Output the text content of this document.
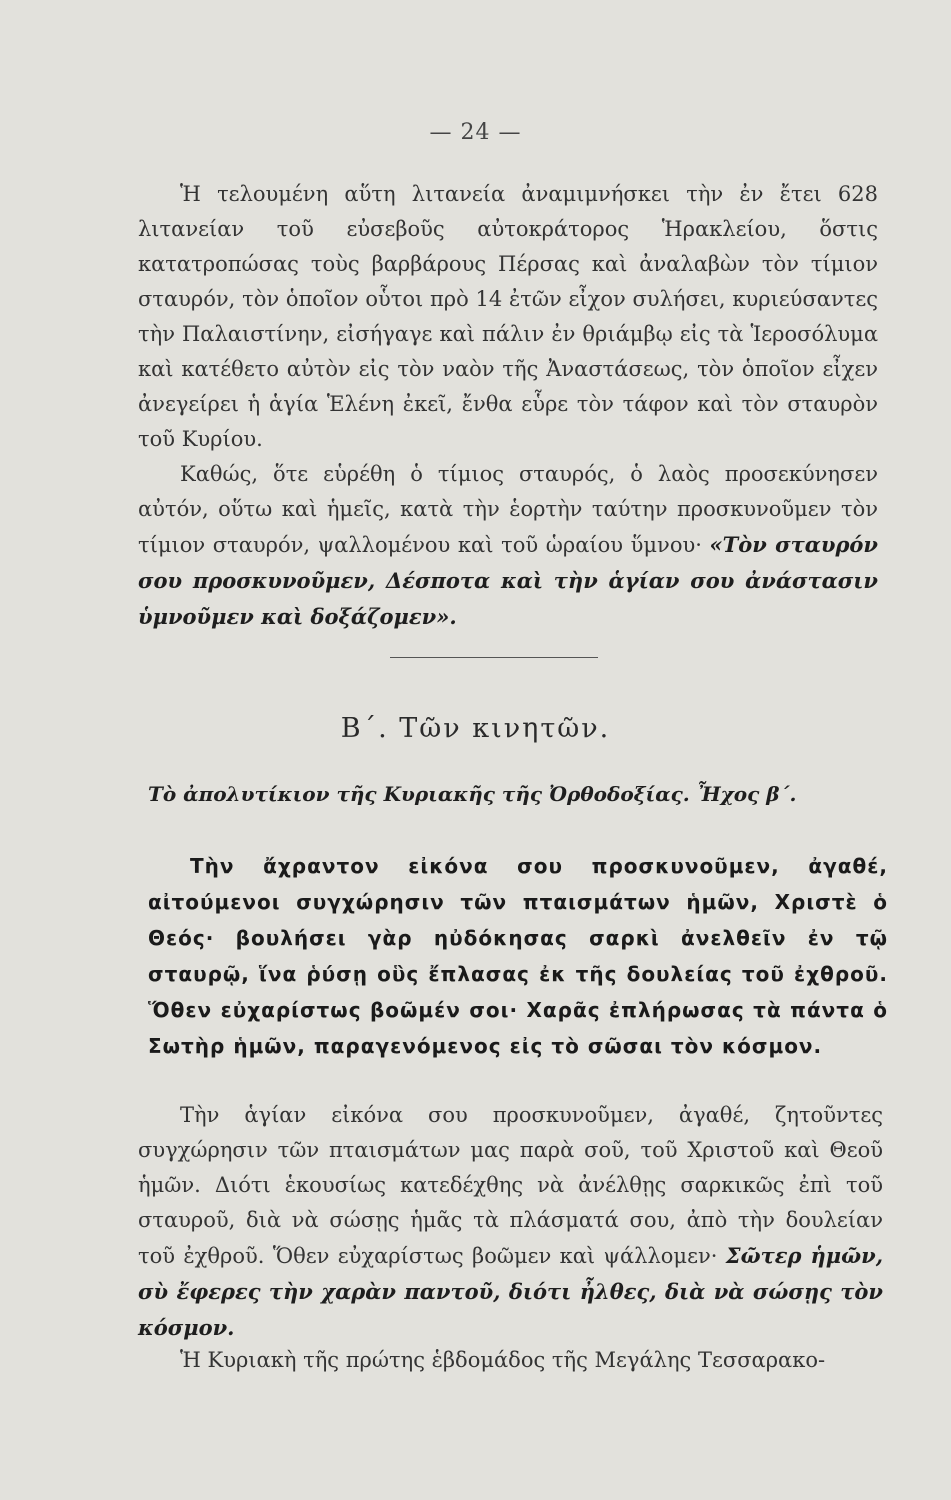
— 24 —

Ἡ τελουμένη αὕτη λιτανεία ἀναμιμνήσκει τὴν ἐν ἔτει 628 λιτανείαν τοῦ εὐσεβοῦς αὐτοκράτορος Ἡρακλείου, ὅστις κατατροπώσας τοὺς βαρβάρους Πέρσας καὶ ἀναλαβὼν τὸν τίμιον σταυρόν, τὸν ὁποῖον οὗτοι πρὸ 14 ἐτῶν εἶχον συλήσει, κυριεύσαντες τὴν Παλαιστίνην, εἰσήγαγε καὶ πάλιν ἐν θριάμβῳ εἰς τὰ Ἱεροσόλυμα καὶ κατέθετο αὐτὸν εἰς τὸν ναὸν τῆς Ἀναστάσεως, τὸν ὁποῖον εἶχεν ἀνεγείρει ἡ ἁγία Ἑλένη ἐκεῖ, ἔνθα εὗρε τὸν τάφον καὶ τὸν σταυρὸν τοῦ Κυρίου.

Καθώς, ὅτε εὑρέθη ὁ τίμιος σταυρός, ὁ λαὸς προσεκύνησεν αὐτόν, οὕτω καὶ ἡμεῖς, κατὰ τὴν ἑορτὴν ταύτην προσκυνοῦμεν τὸν τίμιον σταυρόν, ψαλλομένου καὶ τοῦ ὡραίου ὕμνου· «Τὸν σταυρόν σου προσκυνοῦμεν, Δέσποτα καὶ τὴν ἁγίαν σου ἀνάστασιν ὑμνοῦμεν καὶ δοξάζομεν».

Β΄. Τῶν κινητῶν.
Τὸ ἀπολυτίκιον τῆς Κυριακῆς τῆς Ὀρθοδοξίας. Ἦχος β΄.
Τὴν ἄχραντον εἰκόνα σου προσκυνοῦμεν, ἀγαθέ, αἰτούμενοι συγχώρησιν τῶν πταισμάτων ἡμῶν, Χριστὲ ὁ Θεός· βουλήσει γὰρ ηὐδόκησας σαρκὶ ἀνελθεῖν ἐν τῷ σταυρῷ, ἵνα ῥύσῃ οὓς ἔπλασας ἐκ τῆς δουλείας τοῦ ἐχθροῦ. Ὅθεν εὐχαρίστως βοῶμέν σοι· Χαρᾶς ἐπλήρωσας τὰ πάντα ὁ Σωτὴρ ἡμῶν, παραγενόμενος εἰς τὸ σῶσαι τὸν κόσμον.

Τὴν ἁγίαν εἰκόνα σου προσκυνοῦμεν, ἀγαθέ, ζητοῦντες συγχώρησιν τῶν πταισμάτων μας παρὰ σοῦ, τοῦ Χριστοῦ καὶ Θεοῦ ἡμῶν. Διότι ἑκουσίως κατεδέχθης νὰ ἀνέλθῃς σαρκικῶς ἐπὶ τοῦ σταυροῦ, διὰ νὰ σώσῃς ἡμᾶς τὰ πλάσματά σου, ἀπὸ τὴν δουλείαν τοῦ ἐχθροῦ. Ὅθεν εὐχαρίστως βοῶμεν καὶ ψάλλομεν· Σῶτερ ἡμῶν, σὺ ἔφερες τὴν χαρὰν παντοῦ, διότι ἦλθες, διὰ νὰ σώσῃς τὸν κόσμον.

Ἡ Κυριακὴ τῆς πρώτης ἑβδομάδος τῆς Μεγάλης Τεσσαρακο-
